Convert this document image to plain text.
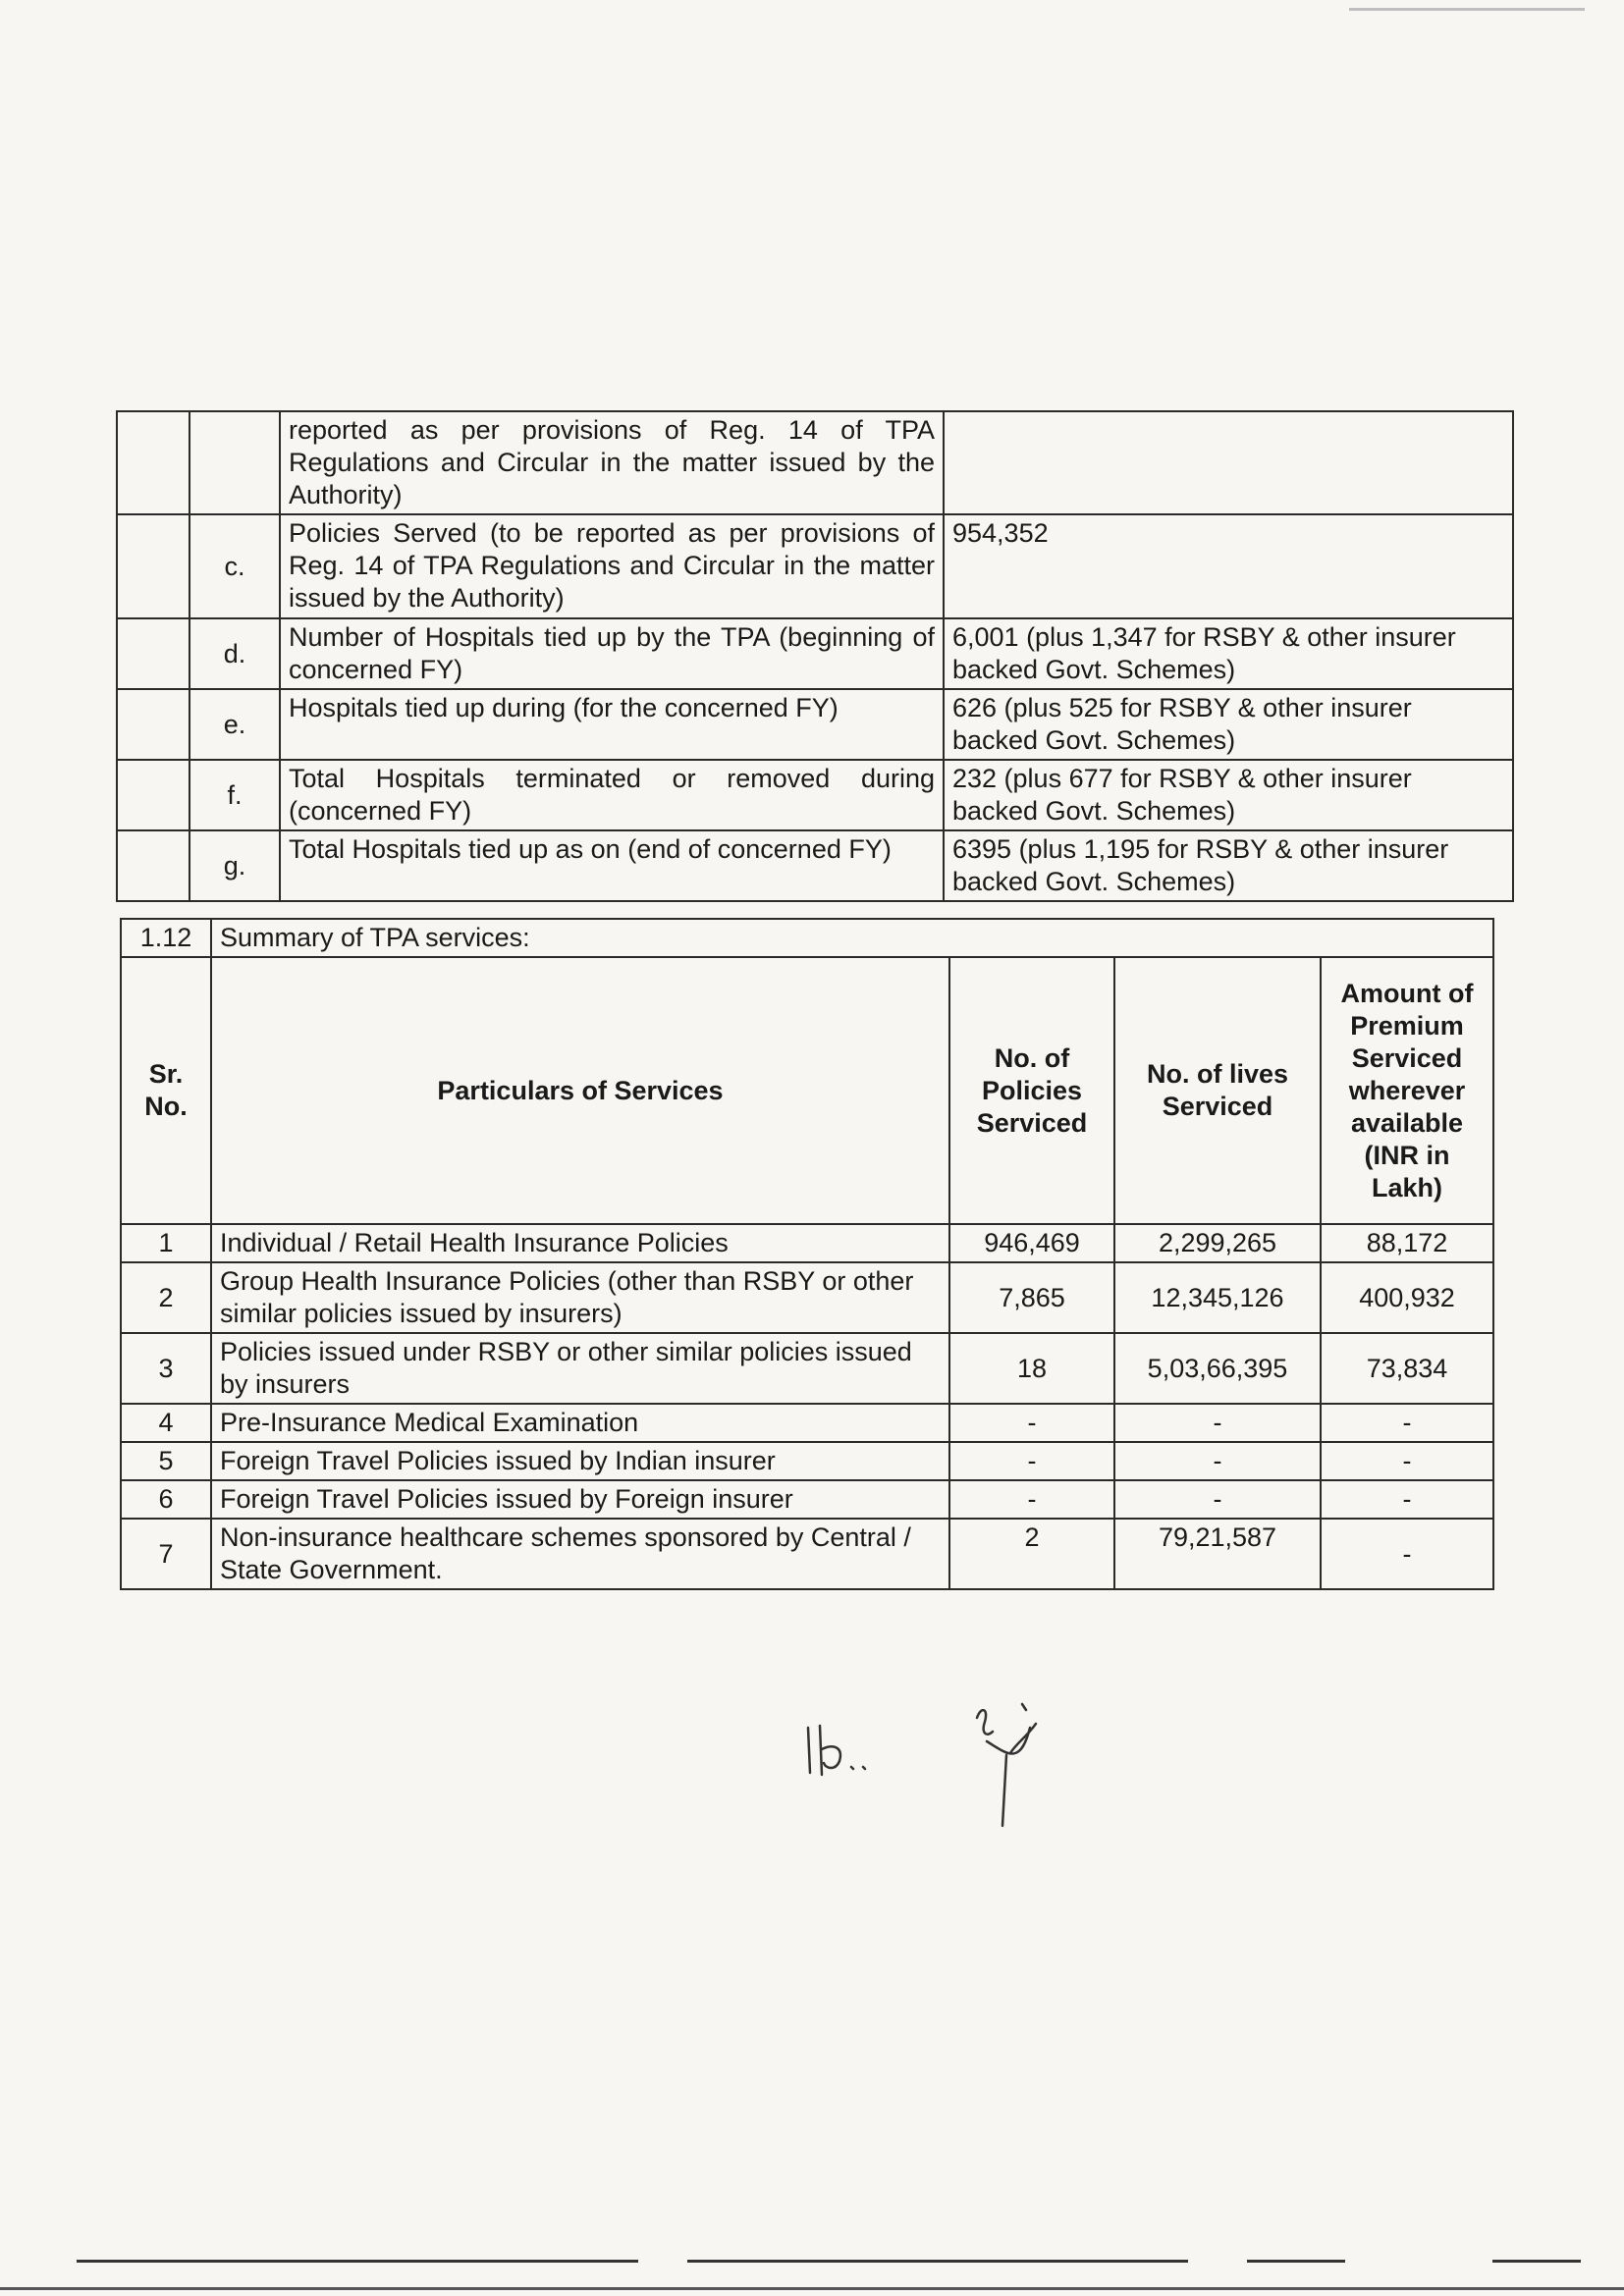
		reported as per provisions of Reg. 14 of TPA Regulations and Circular in the matter issued by the Authority)	
	c.	Policies Served (to be reported as per provisions of Reg. 14 of TPA Regulations and Circular in the matter issued by the Authority)	954,352
	d.	Number of Hospitals tied up by the TPA (beginning of concerned FY)	6,001 (plus 1,347 for RSBY & other insurer backed Govt. Schemes)
	e.	Hospitals tied up during (for the concerned FY)	626 (plus 525 for RSBY & other insurer backed Govt. Schemes)
	f.	Total Hospitals terminated or removed during (concerned FY)	232 (plus 677 for RSBY & other insurer backed Govt. Schemes)
	g.	Total Hospitals tied up as on (end of concerned FY)	6395 (plus 1,195 for RSBY & other insurer backed Govt. Schemes)
1.12	Summary of TPA services:			
Sr. No.	Particulars of Services	No. of Policies Serviced	No. of lives Serviced	Amount of Premium Serviced wherever available (INR in Lakh)
1	Individual / Retail Health Insurance Policies	946,469	2,299,265	88,172
2	Group Health Insurance Policies (other than RSBY or other similar policies issued by insurers)	7,865	12,345,126	400,932
3	Policies issued under RSBY or other similar policies issued by insurers	18	5,03,66,395	73,834
4	Pre-Insurance Medical Examination	-	-	-
5	Foreign Travel Policies issued by Indian insurer	-	-	-
6	Foreign Travel Policies issued by Foreign insurer	-	-	-
7	Non-insurance healthcare schemes sponsored by Central / State Government.	2	79,21,587	-
